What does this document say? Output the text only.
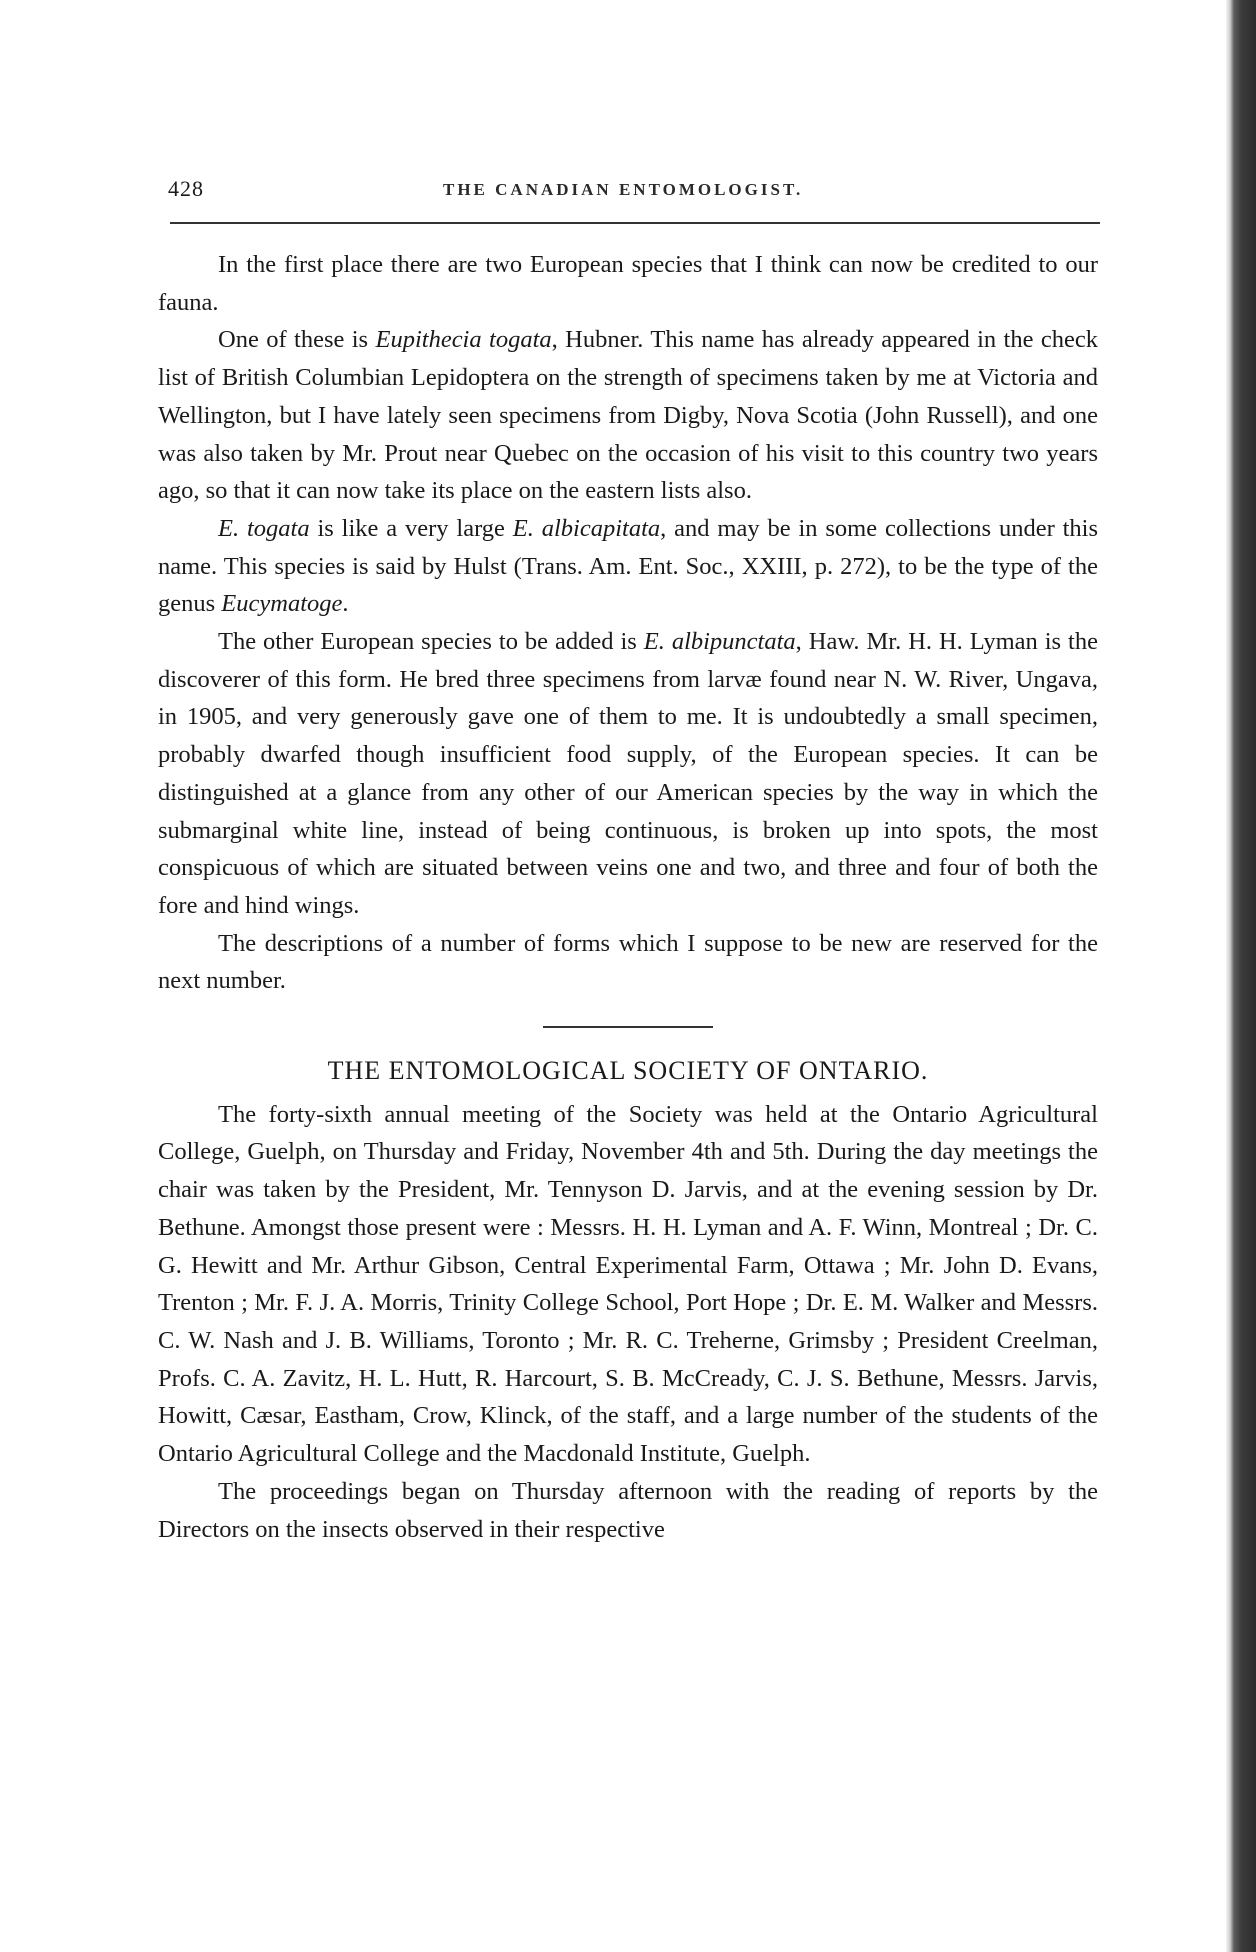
428	THE CANADIAN ENTOMOLOGIST.

In the first place there are two European species that I think can now be credited to our fauna.

One of these is Eupithecia togata, Hubner. This name has already appeared in the check list of British Columbian Lepidoptera on the strength of specimens taken by me at Victoria and Wellington, but I have lately seen specimens from Digby, Nova Scotia (John Russell), and one was also taken by Mr. Prout near Quebec on the occasion of his visit to this country two years ago, so that it can now take its place on the eastern lists also.

E. togata is like a very large E. albicapitata, and may be in some collections under this name. This species is said by Hulst (Trans. Am. Ent. Soc., XXIII, p. 272), to be the type of the genus Eucymatoge.

The other European species to be added is E. albipunctata, Haw. Mr. H. H. Lyman is the discoverer of this form. He bred three specimens from larvæ found near N. W. River, Ungava, in 1905, and very generously gave one of them to me. It is undoubtedly a small specimen, probably dwarfed though insufficient food supply, of the European species. It can be distinguished at a glance from any other of our American species by the way in which the submarginal white line, instead of being continuous, is broken up into spots, the most conspicuous of which are situated between veins one and two, and three and four of both the fore and hind wings.

The descriptions of a number of forms which I suppose to be new are reserved for the next number.

THE ENTOMOLOGICAL SOCIETY OF ONTARIO.

The forty-sixth annual meeting of the Society was held at the Ontario Agricultural College, Guelph, on Thursday and Friday, November 4th and 5th. During the day meetings the chair was taken by the President, Mr. Tennyson D. Jarvis, and at the evening session by Dr. Bethune. Amongst those present were : Messrs. H. H. Lyman and A. F. Winn, Montreal ; Dr. C. G. Hewitt and Mr. Arthur Gibson, Central Experimental Farm, Ottawa ; Mr. John D. Evans, Trenton ; Mr. F. J. A. Morris, Trinity College School, Port Hope ; Dr. E. M. Walker and Messrs. C. W. Nash and J. B. Williams, Toronto ; Mr. R. C. Treherne, Grimsby ; President Creelman, Profs. C. A. Zavitz, H. L. Hutt, R. Harcourt, S. B. McCready, C. J. S. Bethune, Messrs. Jarvis, Howitt, Cæsar, Eastham, Crow, Klinck, of the staff, and a large number of the students of the Ontario Agricultural College and the Macdonald Institute, Guelph.

The proceedings began on Thursday afternoon with the reading of reports by the Directors on the insects observed in their respective
